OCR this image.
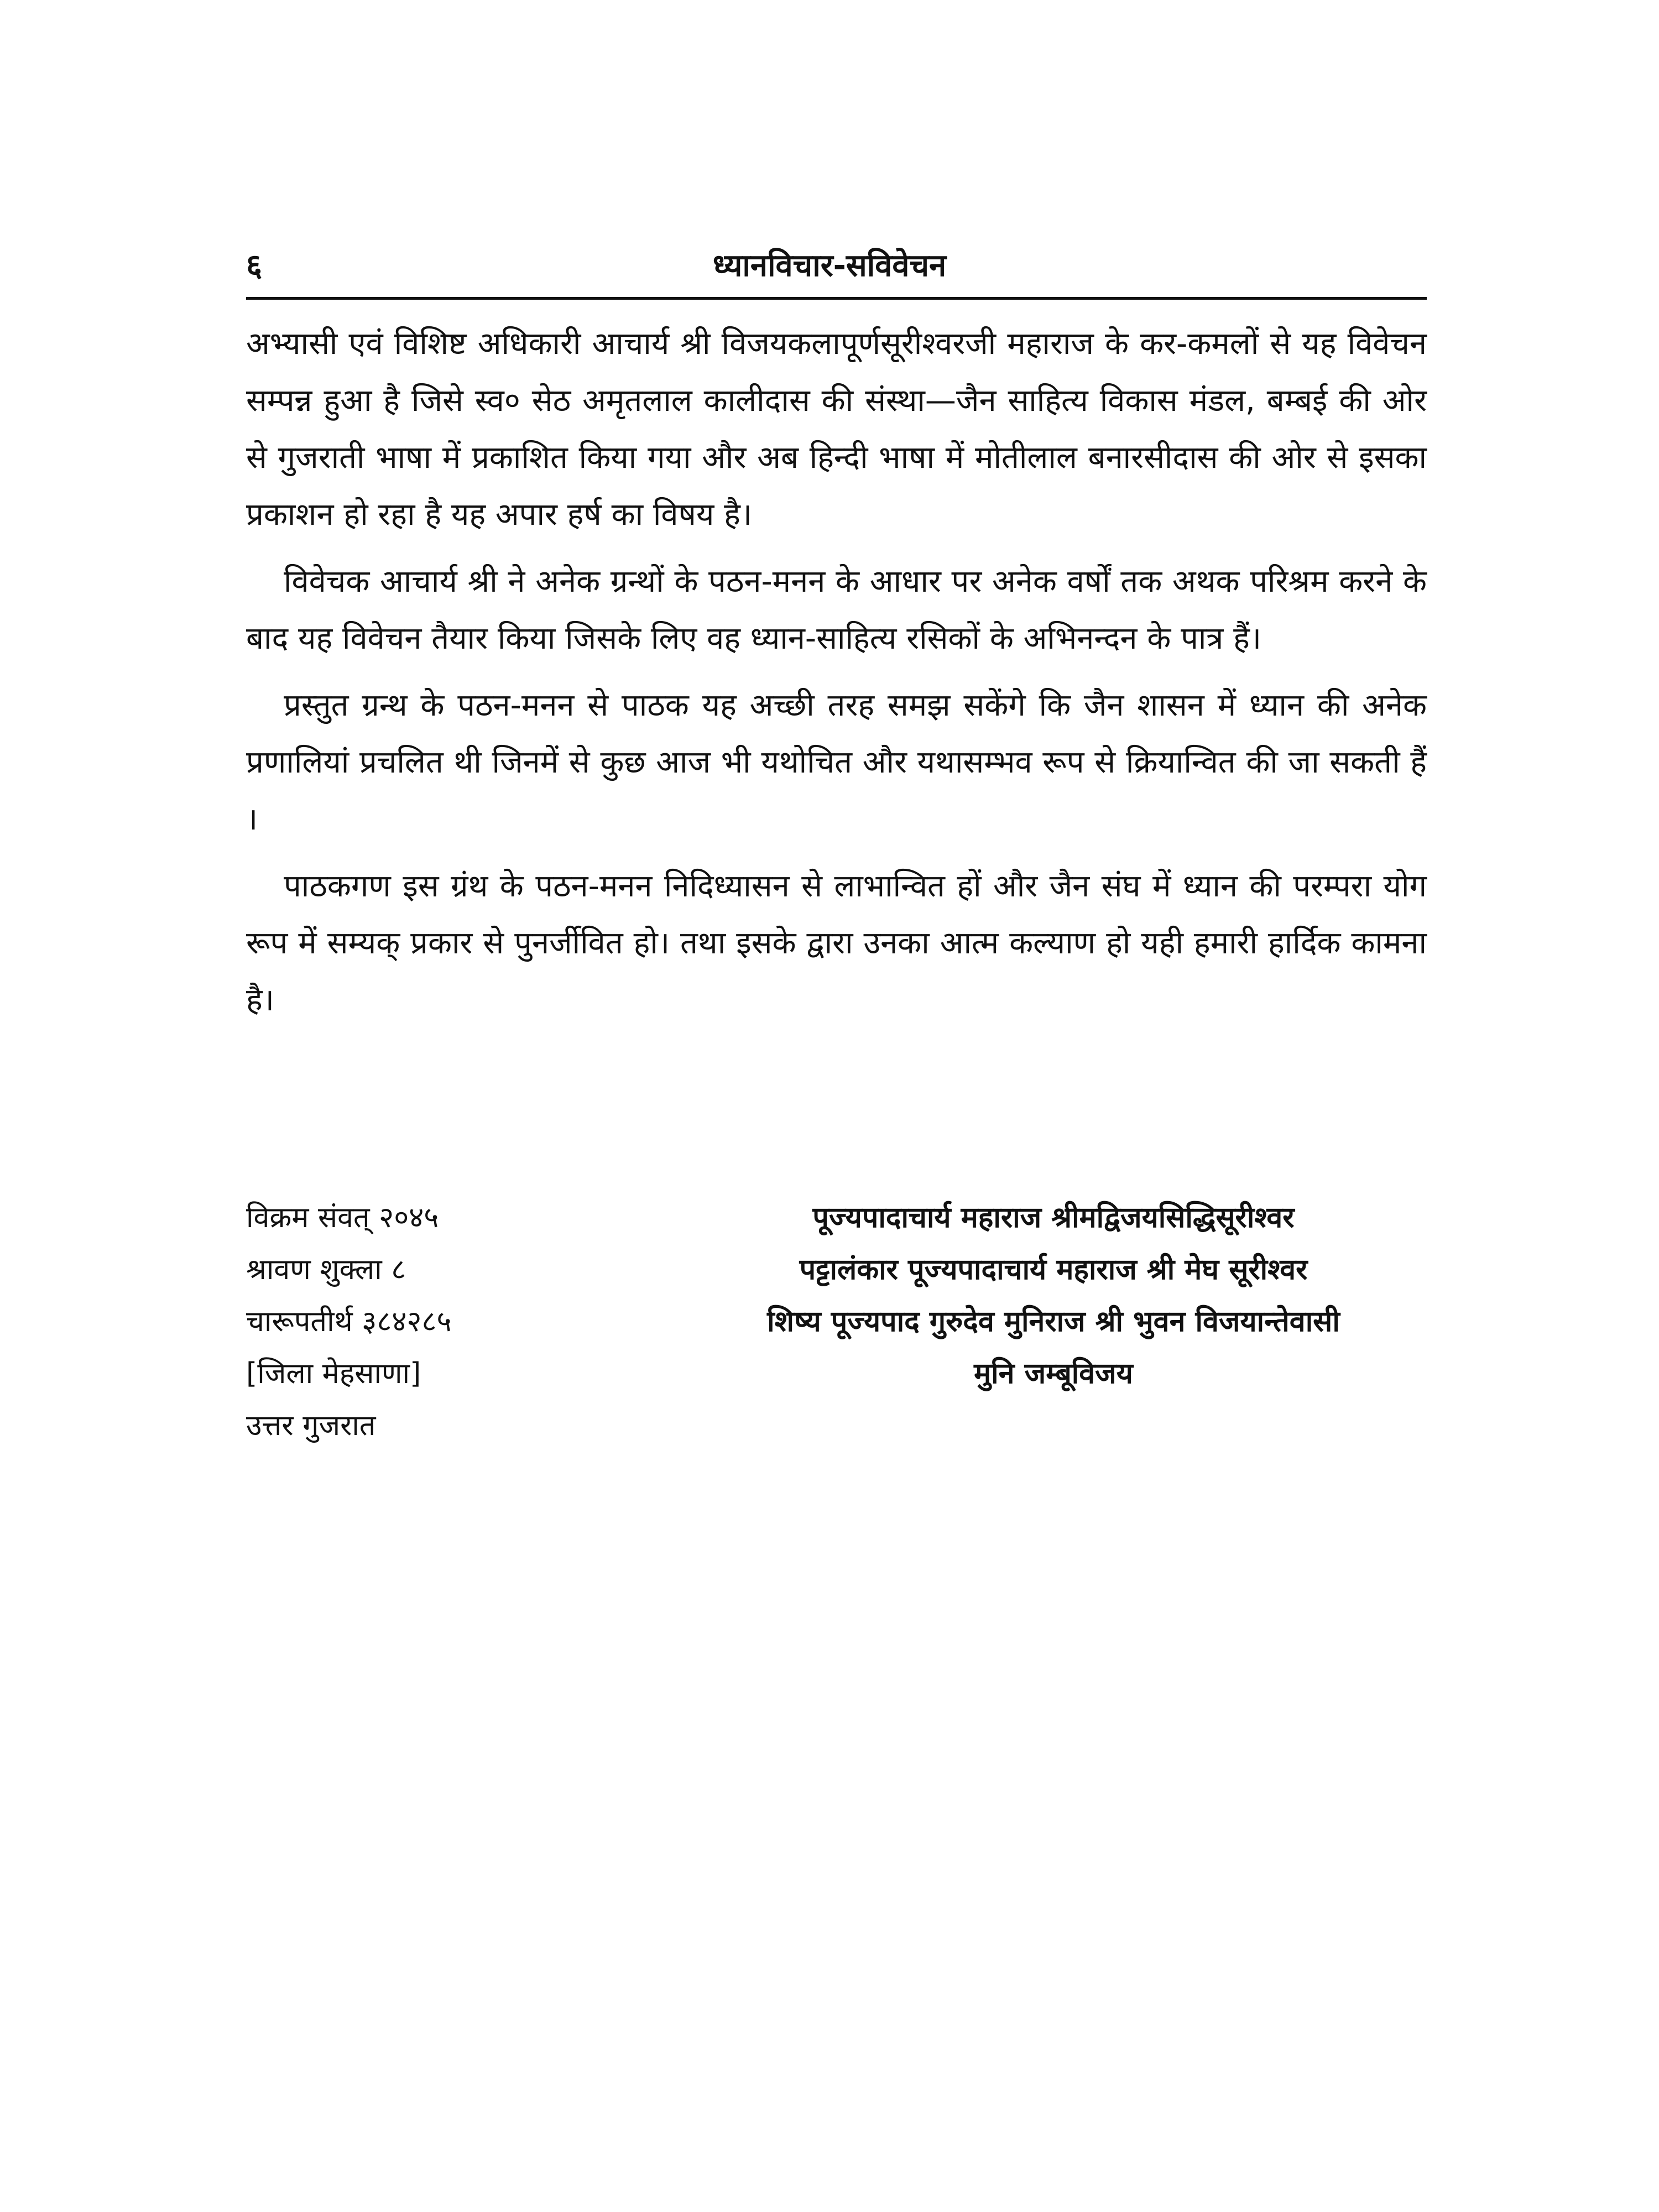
६	ध्यानविचार-सविवेचन

अभ्यासी एवं विशिष्ट अधिकारी आचार्य श्री विजयकलापूर्णसूरीश्वरजी महाराज के कर-कमलों से यह विवेचन सम्पन्न हुआ है जिसे स्व० सेठ अमृतलाल कालीदास की संस्था—जैन साहित्य विकास मंडल, बम्बई की ओर से गुजराती भाषा में प्रकाशित किया गया और अब हिन्दी भाषा में मोतीलाल बनारसीदास की ओर से इसका प्रकाशन हो रहा है यह अपार हर्ष का विषय है।

विवेचक आचार्य श्री ने अनेक ग्रन्थों के पठन-मनन के आधार पर अनेक वर्षों तक अथक परिश्रम करने के बाद यह विवेचन तैयार किया जिसके लिए वह ध्यान-साहित्य रसिकों के अभिनन्दन के पात्र हैं।

प्रस्तुत ग्रन्थ के पठन-मनन से पाठक यह अच्छी तरह समझ सकेंगे कि जैन शासन में ध्यान की अनेक प्रणालियां प्रचलित थी जिनमें से कुछ आज भी यथोचित और यथासम्भव रूप से क्रियान्वित की जा सकती हैं ।

पाठकगण इस ग्रंथ के पठन-मनन निदिध्यासन से लाभान्वित हों और जैन संघ में ध्यान की परम्परा योग रूप में सम्यक् प्रकार से पुनर्जीवित हो। तथा इसके द्वारा उनका आत्म कल्याण हो यही हमारी हार्दिक कामना है।

विक्रम संवत् २०४५
श्रावण शुक्ला ८
चारूपतीर्थ ३८४२८५
[जिला मेहसाणा]
उत्तर गुजरात
पूज्यपादाचार्य महाराज श्रीमद्विजयसिद्धिसूरीश्वर
पट्टालंकार पूज्यपादाचार्य महाराज श्री मेघ सूरीश्वर
शिष्य पूज्यपाद गुरुदेव मुनिराज श्री भुवन विजयान्तेवासी
मुनि जम्बूविजय
